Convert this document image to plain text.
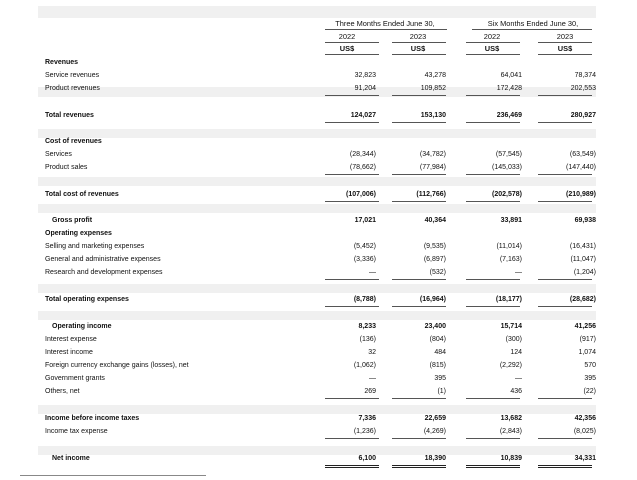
Three Months Ended June 30,	Six Months Ended June 30,
2022	2023	2022	2023
US$	US$	US$	US$
Revenues
Service revenues	32,823	43,278	64,041	78,374
Product revenues	91,204	109,852	172,428	202,553
Total revenues	124,027	153,130	236,469	280,927
Cost of revenues
Services	(28,344)	(34,782)	(57,545)	(63,549)
Product sales	(78,662)	(77,984)	(145,033)	(147,440)
Total cost of revenues	(107,006)	(112,766)	(202,578)	(210,989)
Gross profit	17,021	40,364	33,891	69,938
Operating expenses
Selling and marketing expenses	(5,452)	(9,535)	(11,014)	(16,431)
General and administrative expenses	(3,336)	(6,897)	(7,163)	(11,047)
Research and development expenses	—	(532)	—	(1,204)
Total operating expenses	(8,788)	(16,964)	(18,177)	(28,682)
Operating income	8,233	23,400	15,714	41,256
Interest expense	(136)	(804)	(300)	(917)
Interest income	32	484	124	1,074
Foreign currency exchange gains (losses), net	(1,062)	(815)	(2,292)	570
Government grants	—	395	—	395
Others, net	269	(1)	436	(22)
Income before income taxes	7,336	22,659	13,682	42,356
Income tax expense	(1,236)	(4,269)	(2,843)	(8,025)
Net income	6,100	18,390	10,839	34,331
